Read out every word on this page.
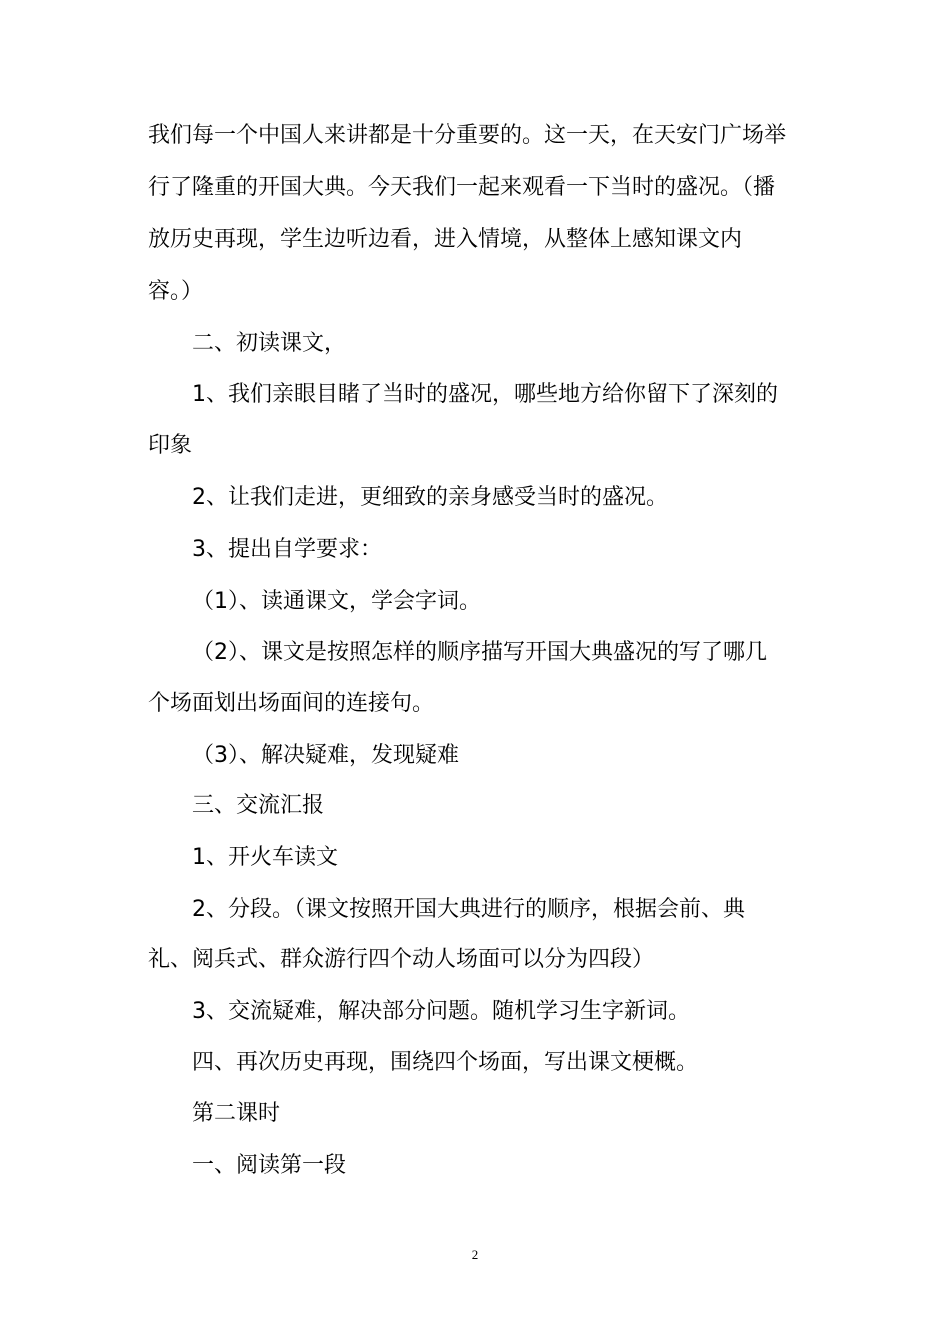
我们每一个中国人来讲都是十分重要的。这一天，在天安门广场举
行了隆重的开国大典。今天我们一起来观看一下当时的盛况。（播
放历史再现，学生边听边看，进入情境，从整体上感知课文内
容。）
二、初读课文，
1、我们亲眼目睹了当时的盛况，哪些地方给你留下了深刻的
印象
2、让我们走进，更细致的亲身感受当时的盛况。
3、提出自学要求：
（1）、读通课文，学会字词。
（2）、课文是按照怎样的顺序描写开国大典盛况的写了哪几
个场面划出场面间的连接句。
（3）、解决疑难，发现疑难
三、交流汇报
1、开火车读文
2、分段。（课文按照开国大典进行的顺序，根据会前、典
礼、阅兵式、群众游行四个动人场面可以分为四段）
3、交流疑难，解决部分问题。随机学习生字新词。
四、再次历史再现，围绕四个场面，写出课文梗概。
第二课时
一、阅读第一段
2
